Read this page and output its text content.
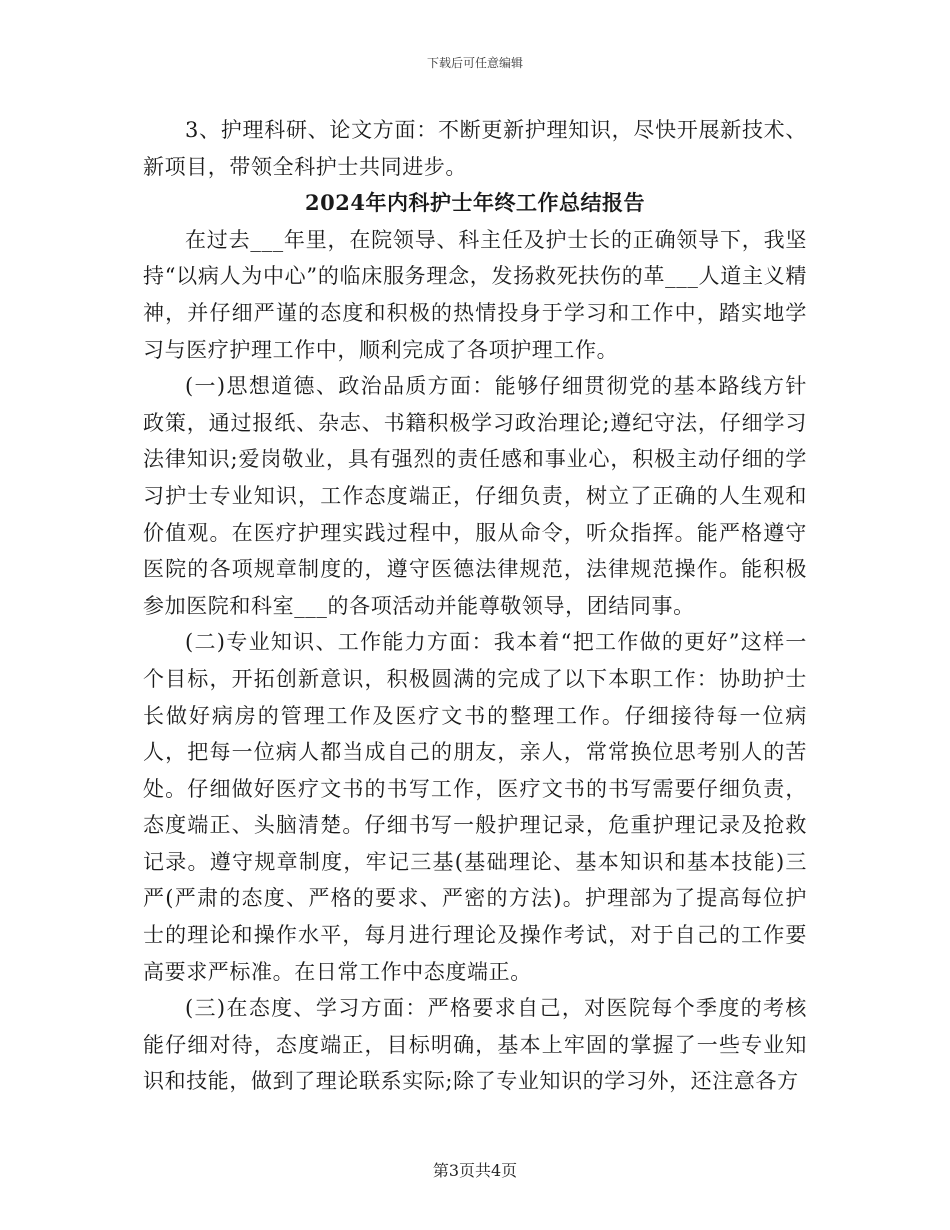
下载后可任意编辑

3、护理科研、论文方面：不断更新护理知识，尽快开展新技术、新项目，带领全科护士共同进步。

2024年内科护士年终工作总结报告

在过去___年里，在院领导、科主任及护士长的正确领导下，我坚持“以病人为中心”的临床服务理念，发扬救死扶伤的革___人道主义精神，并仔细严谨的态度和积极的热情投身于学习和工作中，踏实地学习与医疗护理工作中，顺利完成了各项护理工作。

(一)思想道德、政治品质方面：能够仔细贯彻党的基本路线方针政策，通过报纸、杂志、书籍积极学习政治理论;遵纪守法，仔细学习法律知识;爱岗敬业，具有强烈的责任感和事业心，积极主动仔细的学习护士专业知识，工作态度端正，仔细负责，树立了正确的人生观和价值观。在医疗护理实践过程中，服从命令，听众指挥。能严格遵守医院的各项规章制度的，遵守医德法律规范，法律规范操作。能积极参加医院和科室___的各项活动并能尊敬领导，团结同事。

(二)专业知识、工作能力方面：我本着“把工作做的更好”这样一个目标，开拓创新意识，积极圆满的完成了以下本职工作：协助护士长做好病房的管理工作及医疗文书的整理工作。仔细接待每一位病人，把每一位病人都当成自己的朋友，亲人，常常换位思考别人的苦处。仔细做好医疗文书的书写工作，医疗文书的书写需要仔细负责，态度端正、头脑清楚。仔细书写一般护理记录，危重护理记录及抢救记录。遵守规章制度，牢记三基(基础理论、基本知识和基本技能)三严(严肃的态度、严格的要求、严密的方法)。护理部为了提高每位护士的理论和操作水平，每月进行理论及操作考试，对于自己的工作要高要求严标准。在日常工作中态度端正。

(三)在态度、学习方面：严格要求自己，对医院每个季度的考核能仔细对待，态度端正，目标明确，基本上牢固的掌握了一些专业知识和技能，做到了理论联系实际;除了专业知识的学习外，还注意各方

第3页共4页
